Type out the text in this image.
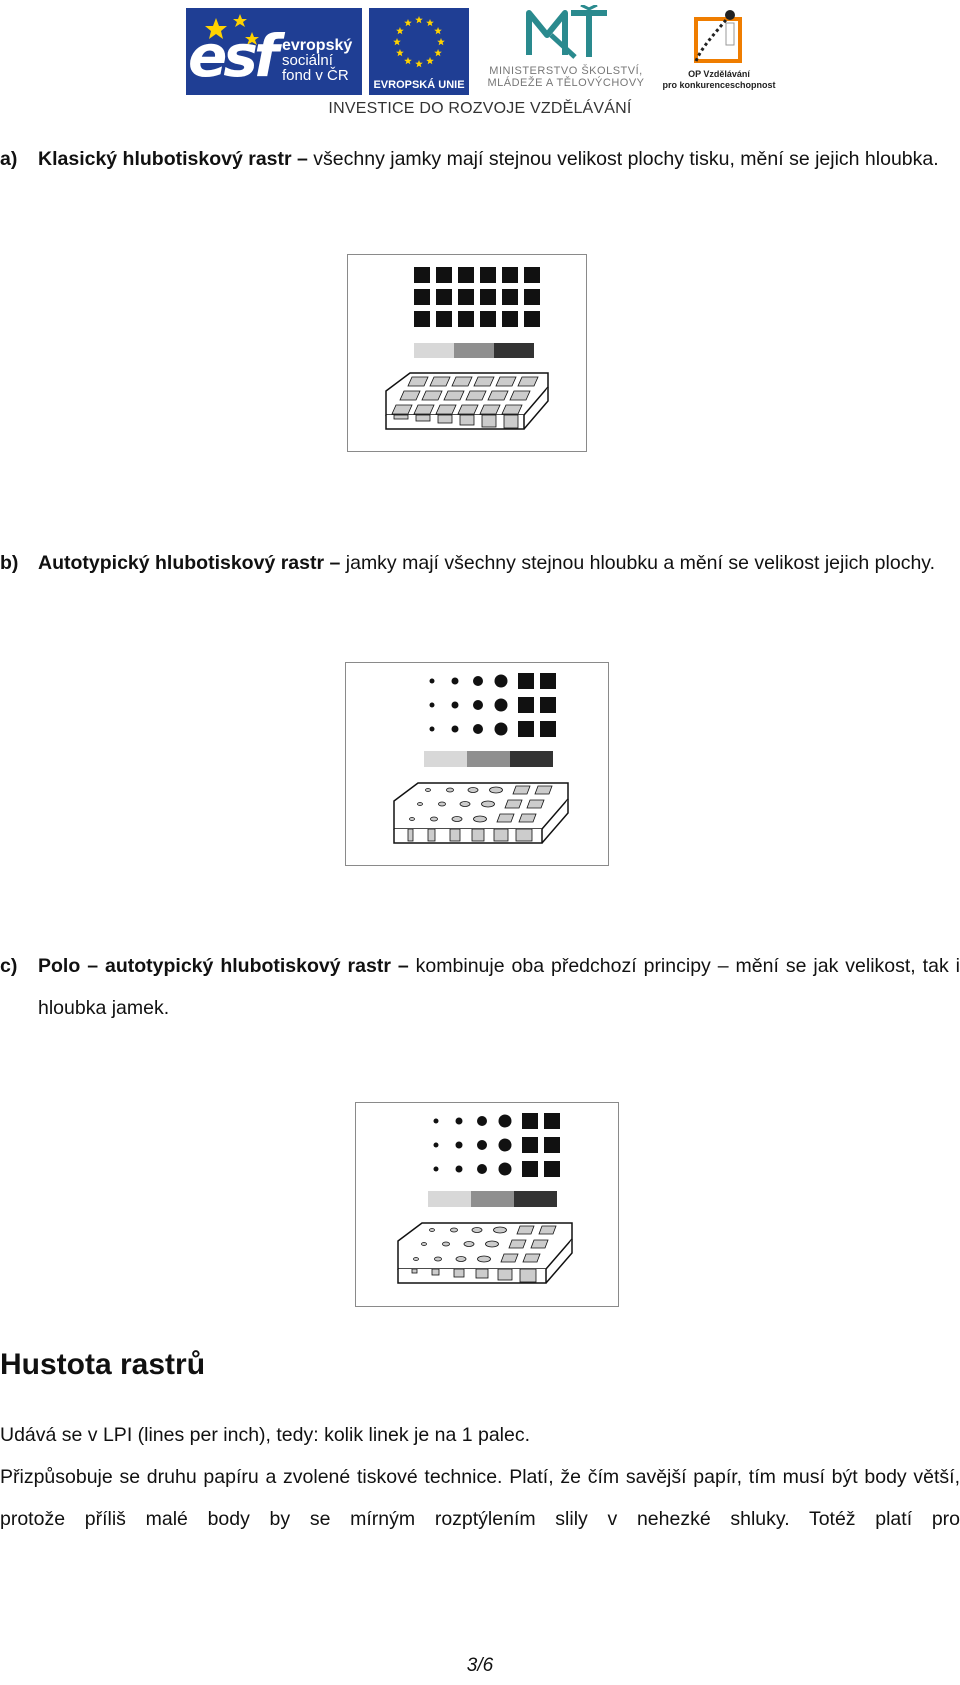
esf evropský
sociální
fond v ČR
EVROPSKÁ UNIE
MINISTERSTVO ŠKOLSTVÍ,
MLÁDEŽE A TĚLOVÝCHOVY
OP Vzdělávání
pro konkurenceschopnost
INVESTICE DO ROZVOJE VZDĚLÁVÁNÍ
a) Klasický hlubotiskový rastr – všechny jamky mají stejnou velikost plochy tisku, mění se jejich hloubka.
b) Autotypický hlubotiskový rastr – jamky mají všechny stejnou hloubku a mění se velikost jejich plochy.
c) Polo – autotypický hlubotiskový rastr – kombinuje oba předchozí principy – mění se jak velikost, tak i hloubka jamek.
Hustota rastrů
Udává se v LPI (lines per inch), tedy: kolik linek je na 1 palec.
Přizpůsobuje se druhu papíru a zvolené tiskové technice. Platí, že čím savější papír, tím musí být body větší, protože příliš malé body by se mírným rozptýlením slily v nehezké shluky. Totéž platí pro
3/6
